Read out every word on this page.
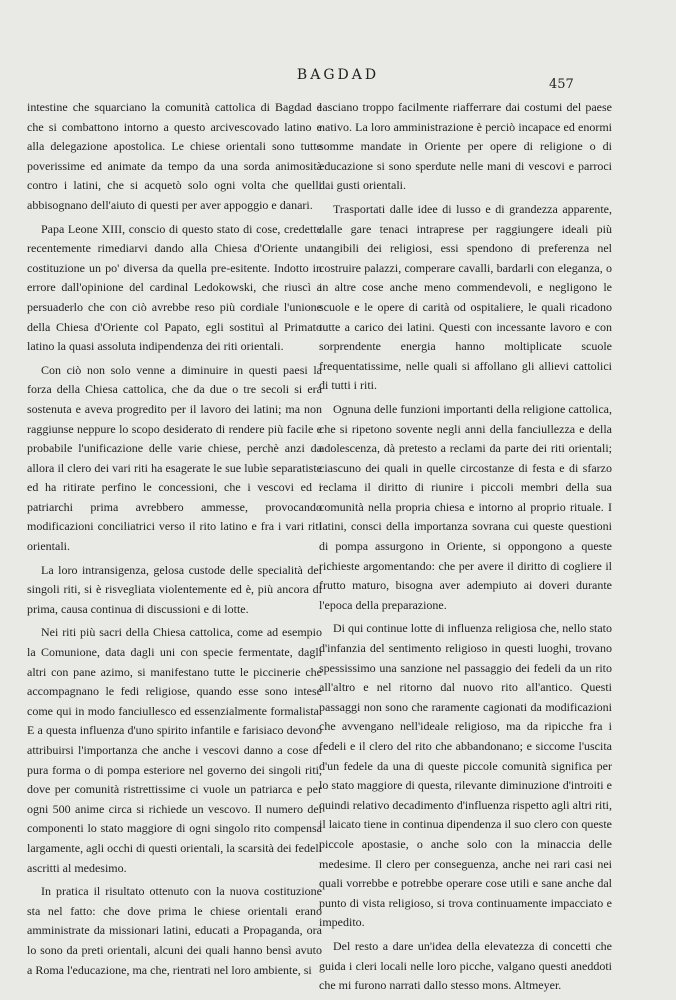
BAGDAD
457

intestine che squarciano la comunità cattolica di Bagdad e che si combattono intorno a questo arcivescovado latino e alla delegazione apostolica. Le chiese orientali sono tutte poverissime ed animate da tempo da una sorda animosità contro i latini, che si acquetò solo ogni volta che quelli abbisognano dell'aiuto di questi per aver appoggio e danari.

Papa Leone XIII, conscio di questo stato di cose, credette recentemente rimediarvi dando alla Chiesa d'Oriente una costituzione un po' diversa da quella pre-esitente. Indotto in errore dall'opinione del cardinal Ledokowski, che riuscì a persuaderlo che con ciò avrebbe reso più cordiale l'unione della Chiesa d'Oriente col Papato, egli sostituì al Primato latino la quasi assoluta indipendenza dei riti orientali.

Con ciò non solo venne a diminuire in questi paesi la forza della Chiesa cattolica, che da due o tre secoli si era sostenuta e aveva progredito per il lavoro dei latini; ma non raggiunse neppure lo scopo desiderato di rendere più facile e probabile l'unificazione delle varie chiese, perchè anzi da allora il clero dei vari riti ha esagerate le sue lubìe separatiste ed ha ritirate perfino le concessioni, che i vescovi ed i patriarchi prima avrebbero ammesse, provocando modificazioni conciliatrici verso il rito latino e fra i vari riti orientali.

La loro intransigenza, gelosa custode delle specialità dei singoli riti, si è risvegliata violentemente ed è, più ancora di prima, causa continua di discussioni e di lotte.

Nei riti più sacri della Chiesa cattolica, come ad esempio la Comunione, data dagli uni con specie fermentate, dagli altri con pane azimo, si manifestano tutte le piccinerie che accompagnano le fedi religiose, quando esse sono intese come qui in modo fanciullesco ed essenzialmente formalista. E a questa influenza d'uno spirito infantile e farisiaco devono attribuirsi l'importanza che anche i vescovi danno a cose di pura forma o di pompa esteriore nel governo dei singoli riti, dove per comunità ristrettissime ci vuole un patriarca e per ogni 500 anime circa si richiede un vescovo. Il numero dei componenti lo stato maggiore di ogni singolo rito compensa largamente, agli occhi di questi orientali, la scarsità dei fedeli ascritti al medesimo.

In pratica il risultato ottenuto con la nuova costituzione sta nel fatto: che dove prima le chiese orientali erano amministrate da missionari latini, educati a Propaganda, ora lo sono da preti orientali, alcuni dei quali hanno bensì avuto a Roma l'educazione, ma che, rientrati nel loro ambiente, si

lasciano troppo facilmente riafferrare dai costumi del paese nativo. La loro amministrazione è perciò incapace ed enormi somme mandate in Oriente per opere di religione o di educazione si sono sperdute nelle mani di vescovi e parroci dai gusti orientali.

Trasportati dalle idee di lusso e di grandezza apparente, dalle gare tenaci intraprese per raggiungere ideali più tangibili dei religiosi, essi spendono di preferenza nel costruire palazzi, comperare cavalli, bardarli con eleganza, o in altre cose anche meno commendevoli, e negligono le scuole e le opere di carità od ospitaliere, le quali ricadono tutte a carico dei latini. Questi con incessante lavoro e con sorprendente energia hanno moltiplicate scuole frequentatissime, nelle quali si affollano gli allievi cattolici di tutti i riti.

Ognuna delle funzioni importanti della religione cattolica, che si ripetono sovente negli anni della fanciullezza e della adolescenza, dà pretesto a reclami da parte dei riti orientali; ciascuno dei quali in quelle circostanze di festa e di sfarzo reclama il diritto di riunire i piccoli membri della sua comunità nella propria chiesa e intorno al proprio rituale. I latini, consci della importanza sovrana cui queste questioni di pompa assurgono in Oriente, si oppongono a queste richieste argomentando: che per avere il diritto di cogliere il frutto maturo, bisogna aver adempiuto ai doveri durante l'epoca della preparazione.

Di qui continue lotte di influenza religiosa che, nello stato d'infanzia del sentimento religioso in questi luoghi, trovano spessissimo una sanzione nel passaggio dei fedeli da un rito all'altro e nel ritorno dal nuovo rito all'antico. Questi passaggi non sono che raramente cagionati da modificazioni che avvengano nell'ideale religioso, ma da ripicche fra i fedeli e il clero del rito che abbandonano; e siccome l'uscita d'un fedele da una di queste piccole comunità significa per lo stato maggiore di questa, rilevante diminuzione d'introiti e quindi relativo decadimento d'influenza rispetto agli altri riti, il laicato tiene in continua dipendenza il suo clero con queste piccole apostasie, o anche solo con la minaccia delle medesime. Il clero per conseguenza, anche nei rari casi nei quali vorrebbe e potrebbe operare cose utili e sane anche dal punto di vista religioso, si trova continuamente impacciato e impedito.

Del resto a dare un'idea della elevatezza di concetti che guida i cleri locali nelle loro picche, valgano questi aneddoti che mi furono narrati dallo stesso mons. Altmeyer.
